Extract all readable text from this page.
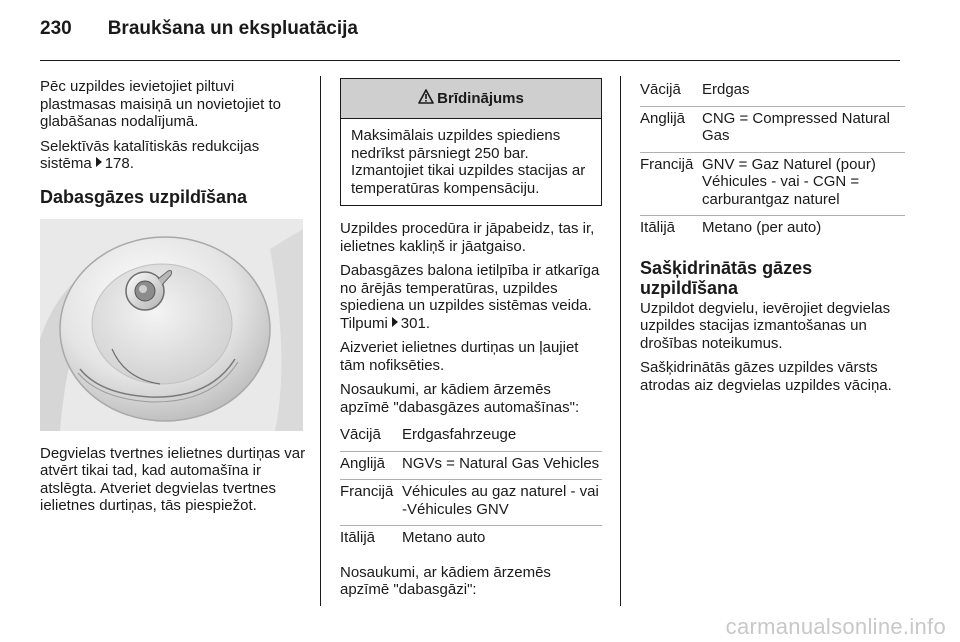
230 Braukšana un ekspluatācija

Pēc uzpildes ievietojiet piltuvi plastmasas maisiņā un novietojiet to glabāšanas nodalījumā.

Selektīvās katalītiskās redukcijas sistēma 178.

Dabasgāzes uzpildīšana

Degvielas tvertnes ielietnes durtiņas var atvērt tikai tad, kad automašīna ir atslēgta. Atveriet degvielas tvertnes ielietnes durtiņas, tās piespiežot.

Brīdinājums
Maksimālais uzpildes spiediens nedrīkst pārsniegt 250 bar. Izmantojiet tikai uzpildes stacijas ar temperatūras kompensāciju.

Uzpildes procedūra ir jāpabeidz, tas ir, ielietnes kakliņš ir jāatgaiso.

Dabasgāzes balona ietilpība ir atkarīga no ārējās temperatūras, uzpildes spiediena un uzpildes sistēmas veida. Tilpumi 301.

Aizveriet ielietnes durtiņas un ļaujiet tām nofiksēties.

Nosaukumi, ar kādiem ārzemēs apzīmē "dabasgāzes automašīnas":

Vācijā	Erdgasfahrzeuge
Anglijā	NGVs = Natural Gas Vehicles
Francijā Véhicules au gaz naturel - vai -Véhicules GNV
Itālijā	Metano auto

Nosaukumi, ar kādiem ārzemēs apzīmē "dabasgāzi":

Vācijā	Erdgas
Anglijā	CNG = Compressed Natural Gas
Francijā GNV = Gaz Naturel (pour) Véhicules - vai - CGN = carburantgaz naturel
Itālijā	Metano (per auto)
Sašķidrinātās gāzes uzpildīšana

Uzpildot degvielu, ievērojiet degvielas uzpildes stacijas izmantošanas un drošības noteikumus.

Sašķidrinātās gāzes uzpildes vārsts atrodas aiz degvielas uzpildes vāciņa.

carmanualsonline.info
